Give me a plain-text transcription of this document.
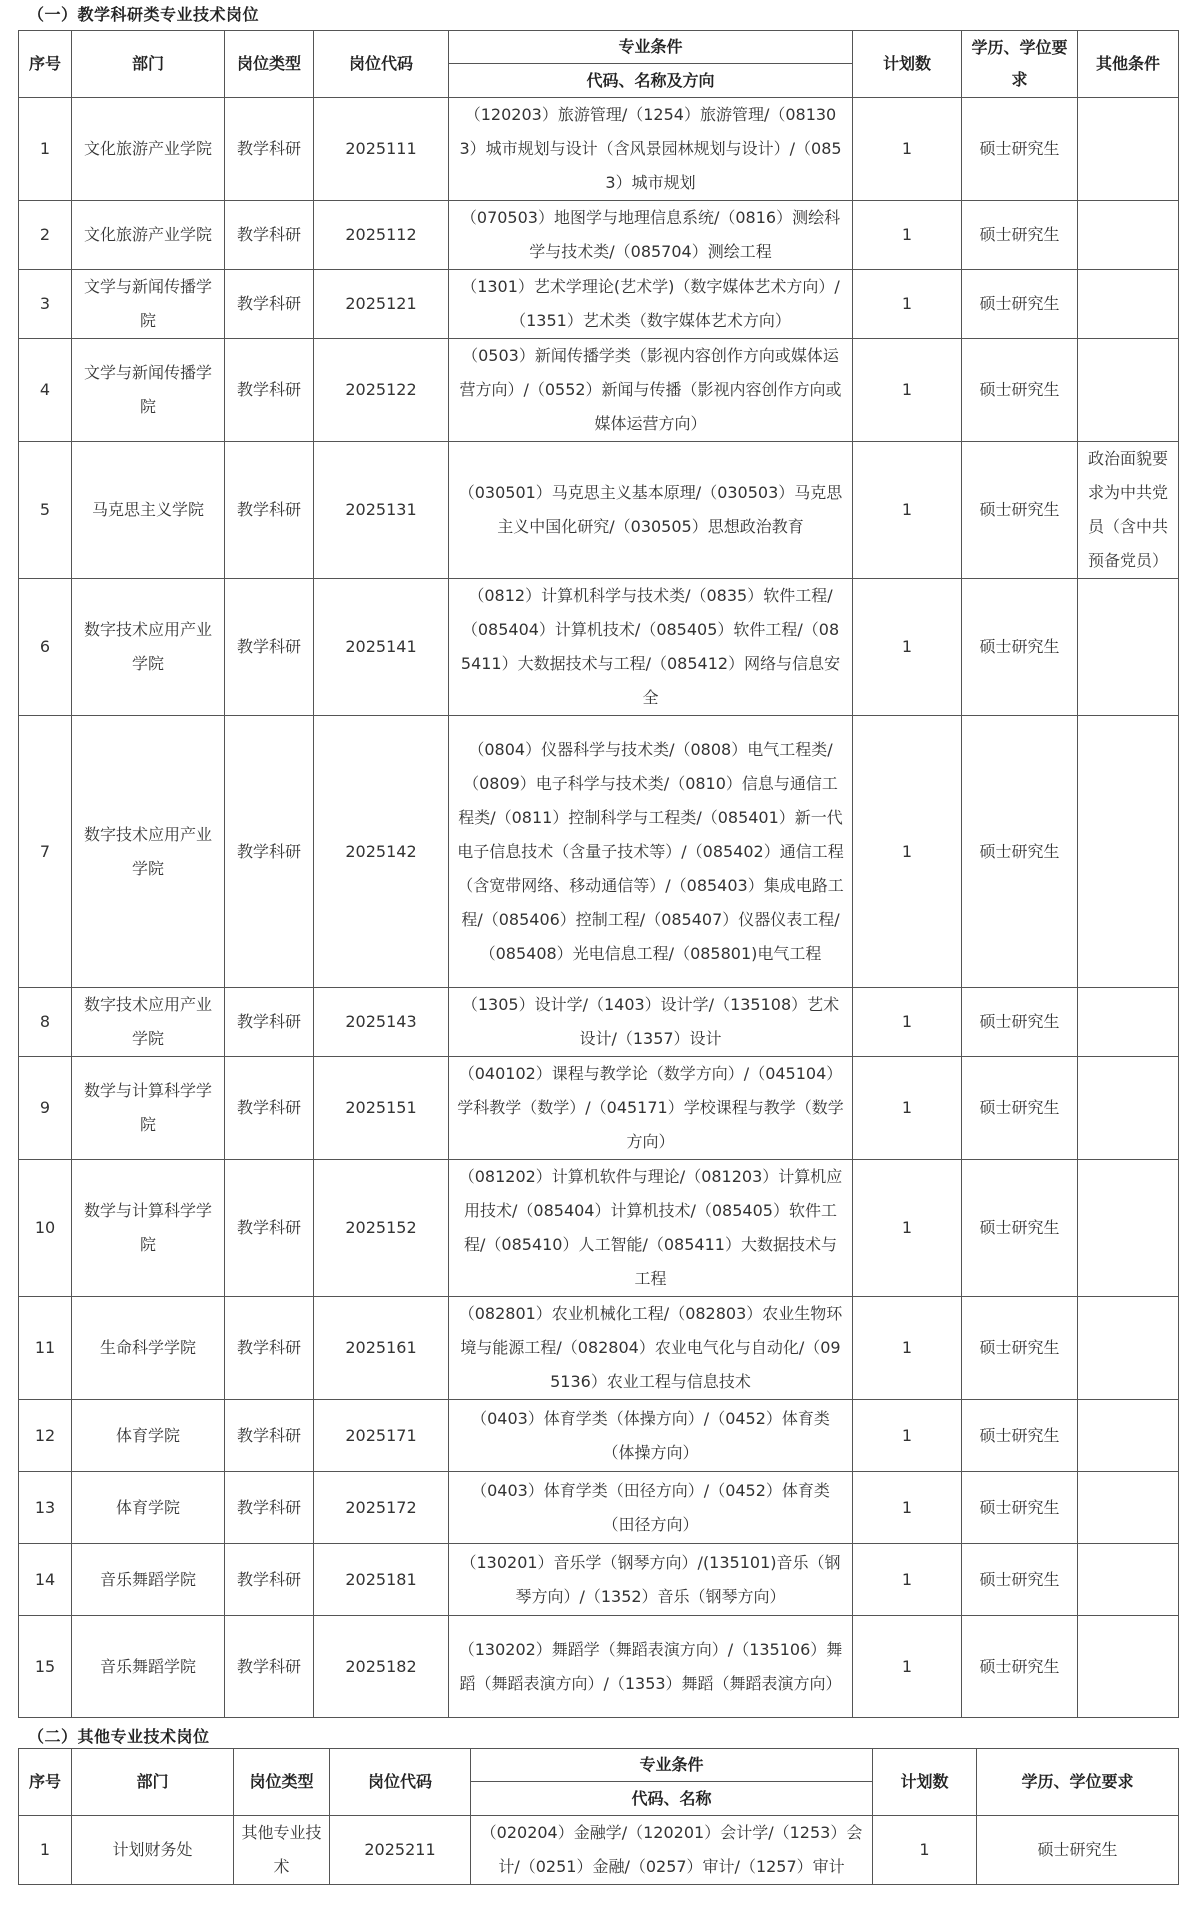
（一）教学科研类专业技术岗位
序号	部门	岗位类型	岗位代码	专业条件	计划数	学历、学位要求	其他条件
				代码、名称及方向			
1	文化旅游产业学院	教学科研	2025111	（120203）旅游管理/（1254）旅游管理/（081303）城市规划与设计（含风景园林规划与设计）/（0853）城市规划	1	硕士研究生	
2	文化旅游产业学院	教学科研	2025112	（070503）地图学与地理信息系统/（0816）测绘科学与技术类/（085704）测绘工程	1	硕士研究生	
3	文学与新闻传播学院	教学科研	2025121	（1301）艺术学理论(艺术学)（数字媒体艺术方向）/（1351）艺术类（数字媒体艺术方向）	1	硕士研究生	
4	文学与新闻传播学院	教学科研	2025122	（0503）新闻传播学类（影视内容创作方向或媒体运营方向）/（0552）新闻与传播（影视内容创作方向或媒体运营方向）	1	硕士研究生	
5	马克思主义学院	教学科研	2025131	（030501）马克思主义基本原理/（030503）马克思主义中国化研究/（030505）思想政治教育	1	硕士研究生	政治面貌要求为中共党员（含中共预备党员）
6	数字技术应用产业学院	教学科研	2025141	（0812）计算机科学与技术类/（0835）软件工程/（085404）计算机技术/（085405）软件工程/（085411）大数据技术与工程/（085412）网络与信息安全	1	硕士研究生	
7	数字技术应用产业学院	教学科研	2025142	（0804）仪器科学与技术类/（0808）电气工程类/（0809）电子科学与技术类/（0810）信息与通信工程类/（0811）控制科学与工程类/（085401）新一代电子信息技术（含量子技术等）/（085402）通信工程（含宽带网络、移动通信等）/（085403）集成电路工程/（085406）控制工程/（085407）仪器仪表工程/（085408）光电信息工程/（085801)电气工程	1	硕士研究生	
8	数字技术应用产业学院	教学科研	2025143	（1305）设计学/（1403）设计学/（135108）艺术设计/（1357）设计	1	硕士研究生	
9	数学与计算科学学院	教学科研	2025151	（040102）课程与教学论（数学方向）/（045104）学科教学（数学）/（045171）学校课程与教学（数学方向）	1	硕士研究生	
10	数学与计算科学学院	教学科研	2025152	（081202）计算机软件与理论/（081203）计算机应用技术/（085404）计算机技术/（085405）软件工程/（085410）人工智能/（085411）大数据技术与工程	1	硕士研究生	
11	生命科学学院	教学科研	2025161	（082801）农业机械化工程/（082803）农业生物环境与能源工程/（082804）农业电气化与自动化/（095136）农业工程与信息技术	1	硕士研究生	
12	体育学院	教学科研	2025171	（0403）体育学类（体操方向）/（0452）体育类（体操方向）	1	硕士研究生	
13	体育学院	教学科研	2025172	（0403）体育学类（田径方向）/（0452）体育类（田径方向）	1	硕士研究生	
14	音乐舞蹈学院	教学科研	2025181	（130201）音乐学（钢琴方向）/(135101)音乐（钢琴方向）/（1352）音乐（钢琴方向）	1	硕士研究生	
15	音乐舞蹈学院	教学科研	2025182	（130202）舞蹈学（舞蹈表演方向）/（135106）舞蹈（舞蹈表演方向）/（1353）舞蹈（舞蹈表演方向）	1	硕士研究生	
（二）其他专业技术岗位
序号	部门	岗位类型	岗位代码	专业条件	计划数	学历、学位要求
				代码、名称		
1	计划财务处	其他专业技术	2025211	（020204）金融学/（120201）会计学/（1253）会计/（0251）金融/（0257）审计/（1257）审计	1	硕士研究生
